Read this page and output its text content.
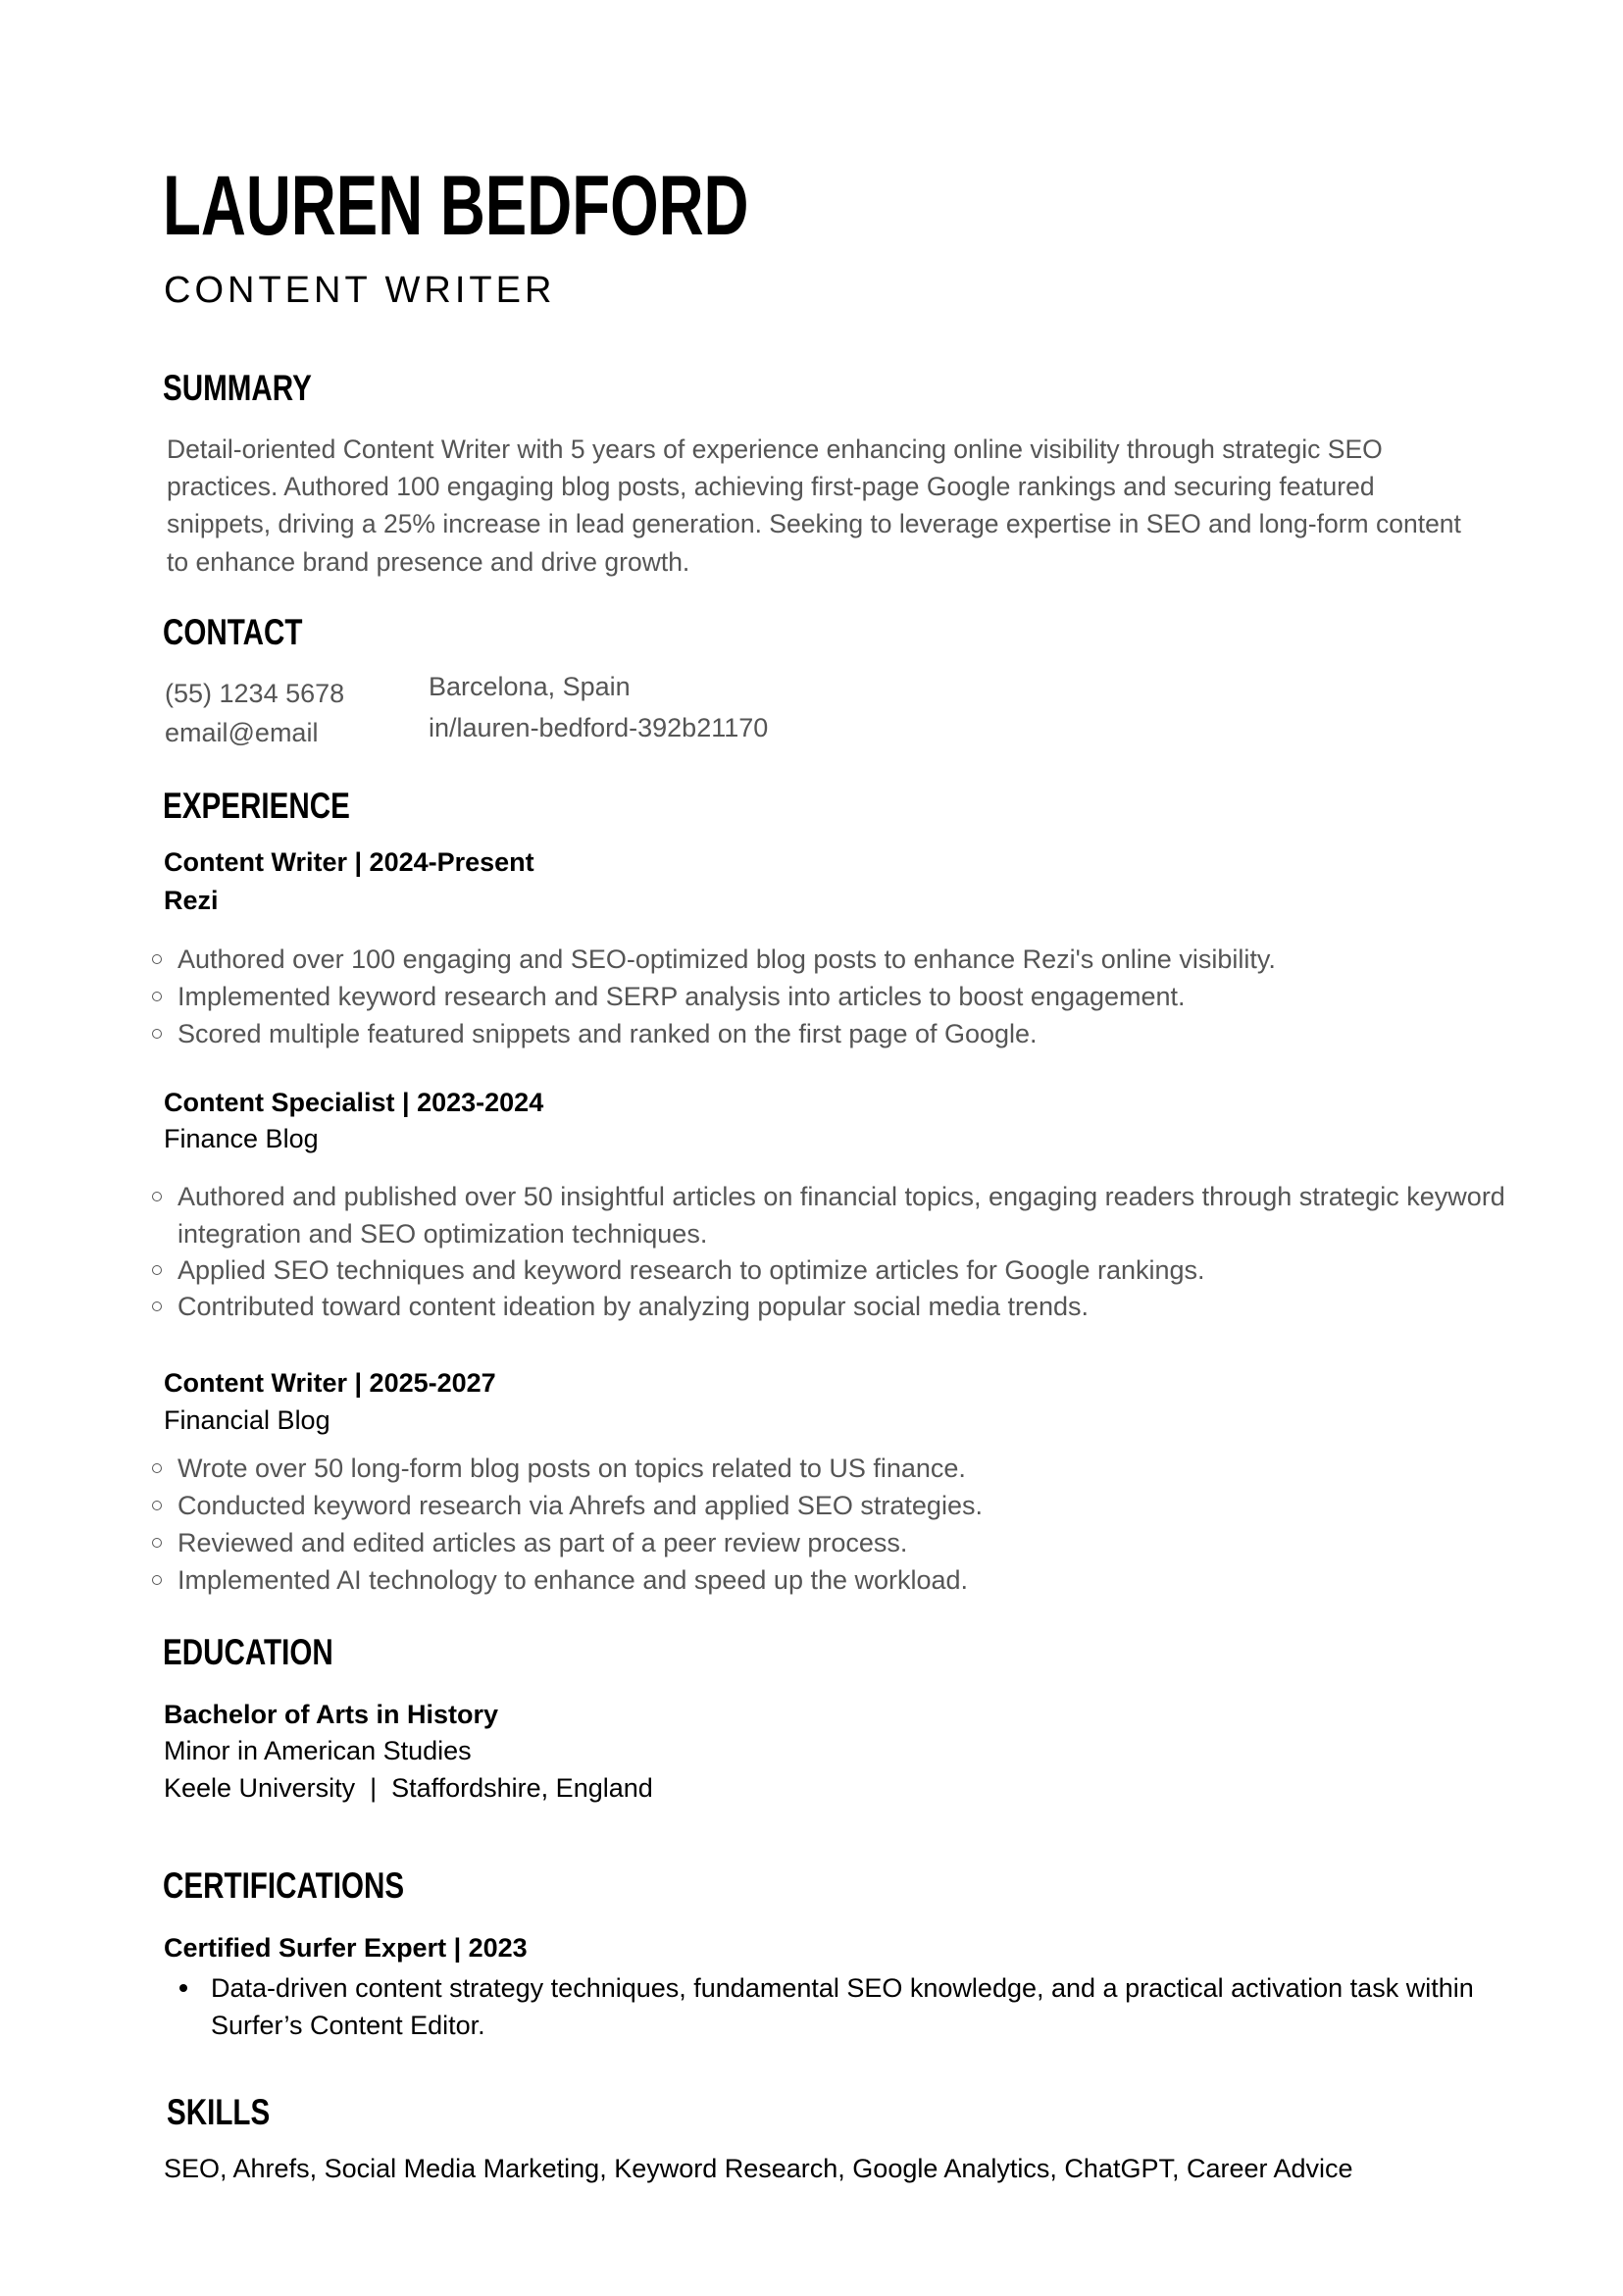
LAUREN BEDFORD
CONTENT WRITER
SUMMARY
Detail-oriented Content Writer with 5 years of experience enhancing online visibility through strategic SEO practices. Authored 100 engaging blog posts, achieving first-page Google rankings and securing featured snippets, driving a 25% increase in lead generation. Seeking to leverage expertise in SEO and long-form content to enhance brand presence and drive growth.
CONTACT
(55) 1234 5678
email@email
Barcelona, Spain
in/lauren-bedford-392b21170
EXPERIENCE
Content Writer | 2024-Present
Rezi
Authored over 100 engaging and SEO-optimized blog posts to enhance Rezi's online visibility.
Implemented keyword research and SERP analysis into articles to boost engagement.
Scored multiple featured snippets and ranked on the first page of Google.
Content Specialist | 2023-2024
Finance Blog
Authored and published over 50 insightful articles on financial topics, engaging readers through strategic keyword integration and SEO optimization techniques.
Applied SEO techniques and keyword research to optimize articles for Google rankings.
Contributed toward content ideation by analyzing popular social media trends.
Content Writer | 2025-2027
Financial Blog
Wrote over 50 long-form blog posts on topics related to US finance.
Conducted keyword research via Ahrefs and applied SEO strategies.
Reviewed and edited articles as part of a peer review process.
Implemented AI technology to enhance and speed up the workload.
EDUCATION
Bachelor of Arts in History
Minor in American Studies
Keele University  |  Staffordshire, England
CERTIFICATIONS
Certified Surfer Expert | 2023
Data-driven content strategy techniques, fundamental SEO knowledge, and a practical activation task within Surfer’s Content Editor.
SKILLS
SEO, Ahrefs, Social Media Marketing, Keyword Research, Google Analytics, ChatGPT, Career Advice
